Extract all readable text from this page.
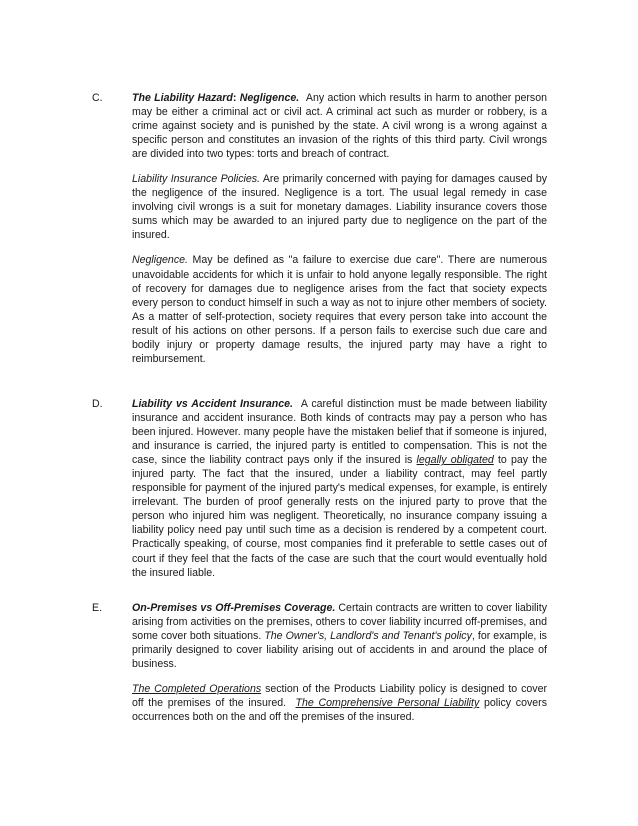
C.	The Liability Hazard: Negligence. Any action which results in harm to another person may be either a criminal act or civil act. A criminal act such as murder or robbery, is a crime against society and is punished by the state. A civil wrong is a wrong against a specific person and constitutes an invasion of the rights of this third party. Civil wrongs are divided into two types: torts and breach of contract.

Liability Insurance Policies. Are primarily concerned with paying for damages caused by the negligence of the insured. Negligence is a tort. The usual legal remedy in case involving civil wrongs is a suit for monetary damages. Liability insurance covers those sums which may be awarded to an injured party due to negligence on the part of the insured.

Negligence. May be defined as "a failure to exercise due care". There are numerous unavoidable accidents for which it is unfair to hold anyone legally responsible. The right of recovery for damages due to negligence arises from the fact that society expects every person to conduct himself in such a way as not to injure other members of society. As a matter of self-protection, society requires that every person take into account the result of his actions on other persons. If a person fails to exercise such due care and bodily injury or property damage results, the injured party may have a right to reimbursement.

D.	Liability vs Accident Insurance. A careful distinction must be made between liability insurance and accident insurance. Both kinds of contracts may pay a person who has been injured. However. many people have the mistaken belief that if someone is injured, and insurance is carried, the injured party is entitled to compensation. This is not the case, since the liability contract pays only if the insured is legally obligated to pay the injured party. The fact that the insured, under a liability contract, may feel partly responsible for payment of the injured party's medical expenses, for example, is entirely irrelevant. The burden of proof generally rests on the injured party to prove that the person who injured him was negligent. Theoretically, no insurance company issuing a liability policy need pay until such time as a decision is rendered by a competent court. Practically speaking, of course, most companies find it preferable to settle cases out of court if they feel that the facts of the case are such that the court would eventually hold the insured liable.

E.	On-Premises vs Off-Premises Coverage. Certain contracts are written to cover liability arising from activities on the premises, others to cover liability incurred off-premises, and some cover both situations. The Owner's, Landlord's and Tenant's policy, for example, is primarily designed to cover liability arising out of accidents in and around the place of business.

The Completed Operations section of the Products Liability policy is designed to cover off the premises of the insured. The Comprehensive Personal Liability policy covers occurrences both on the and off the premises of the insured.
